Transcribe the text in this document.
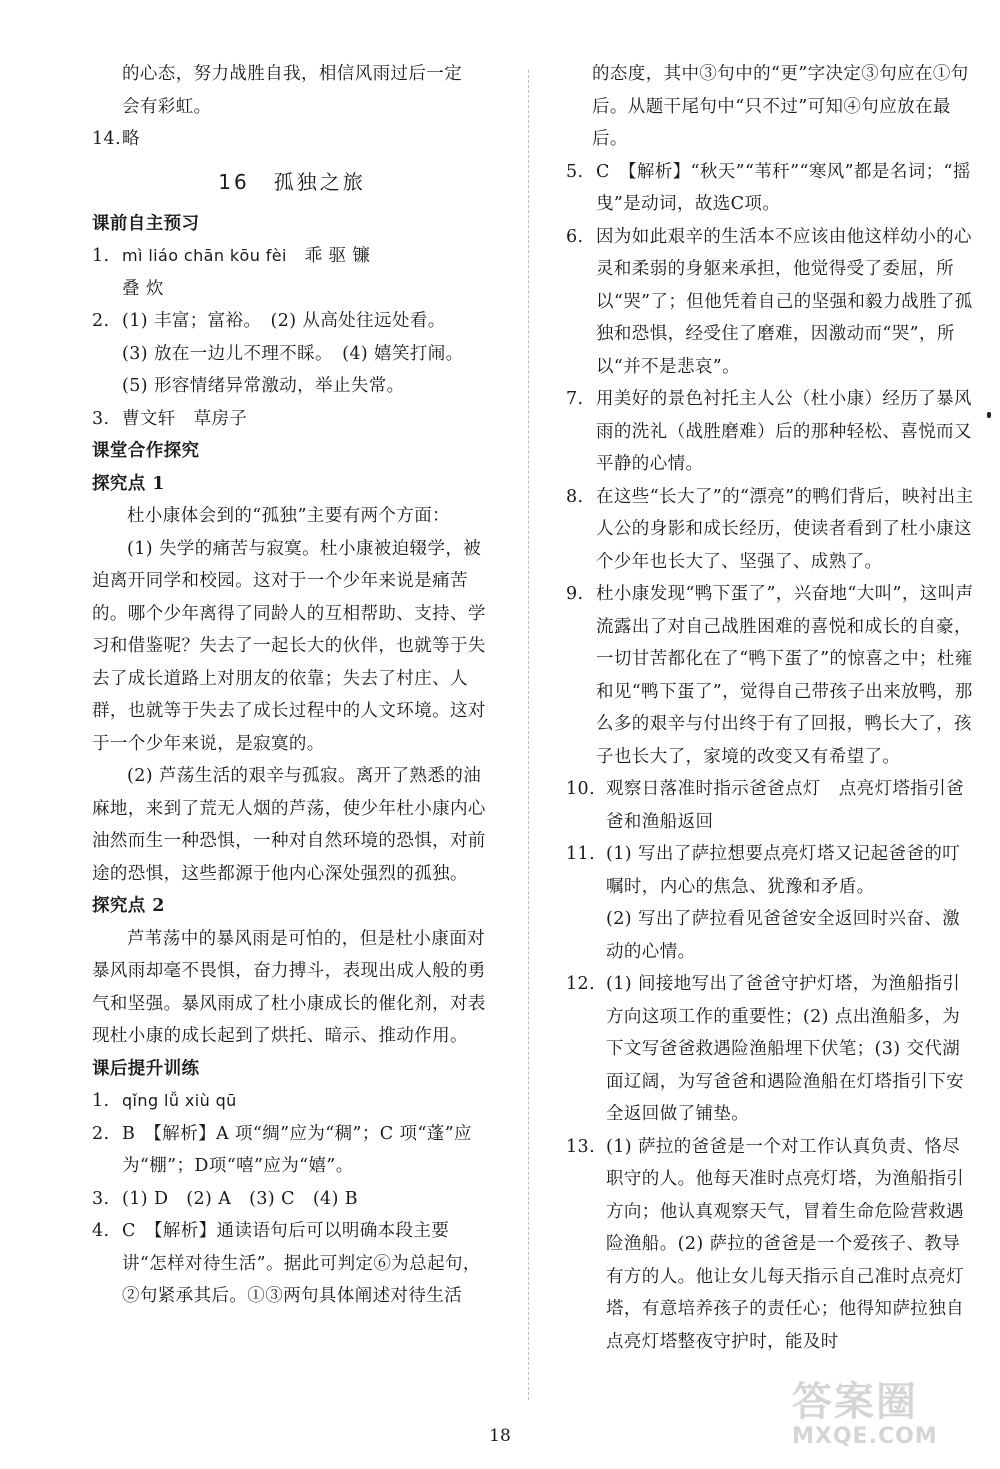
的心态，努力战胜自我，相信风雨过后一定

会有彩虹。

14. 略

16 孤独之旅

课前自主预习

1. mì liáo chān kōu fèi　 乖 驱 镰

叠 炊

2. (1) 丰富；富裕。　(2) 从高处往远处看。

(3) 放在一边儿不理不睬。　(4) 嬉笑打闹。

(5) 形容情绪异常激动，举止失常。

3. 曹文轩　草房子

课堂合作探究

探究点 1

杜小康体会到的“孤独”主要有两个方面：

(1) 失学的痛苦与寂寞。杜小康被迫辍学，被迫离开同学和校园。这对于一个少年来说是痛苦的。哪个少年离得了同龄人的互相帮助、支持、学习和借鉴呢？失去了一起长大的伙伴，也就等于失去了成长道路上对朋友的依靠；失去了村庄、人群，也就等于失去了成长过程中的人文环境。这对于一个少年来说，是寂寞的。

(2) 芦荡生活的艰辛与孤寂。离开了熟悉的油麻地，来到了荒无人烟的芦荡，使少年杜小康内心油然而生一种恐惧，一种对自然环境的恐惧，对前途的恐惧，这些都源于他内心深处强烈的孤独。

探究点 2

芦苇荡中的暴风雨是可怕的，但是杜小康面对暴风雨却毫不畏惧，奋力搏斗，表现出成人般的勇气和坚强。暴风雨成了杜小康成长的催化剂，对表现杜小康的成长起到了烘托、暗示、推动作用。

课后提升训练

1. qǐng lǚ xiù qū
2. B　【解析】A 项“绸”应为“稠”；C 项“蓬”应为“棚”；D项“嘻”应为“嬉”。
3. (1) D　(2) A　(3) C　(4) B
4. C　【解析】通读语句后可以明确本段主要讲“怎样对待生活”。据此可判定⑥为总起句，②句紧承其后。①③两句具体阐述对待生活

的态度，其中③句中的“更”字决定③句应在①句后。从题干尾句中“只不过”可知④句应放在最后。

5. C　【解析】“秋天”“苇秆”“寒风”都是名词；“摇曳”是动词，故选C项。
6. 因为如此艰辛的生活本不应该由他这样幼小的心灵和柔弱的身躯来承担，他觉得受了委屈，所以“哭”了；但他凭着自己的坚强和毅力战胜了孤独和恐惧，经受住了磨难，因激动而“哭”，所以“并不是悲哀”。
7. 用美好的景色衬托主人公（杜小康）经历了暴风雨的洗礼（战胜磨难）后的那种轻松、喜悦而又平静的心情。
8. 在这些“长大了”的“漂亮”的鸭们背后，映衬出主人公的身影和成长经历，使读者看到了杜小康这个少年也长大了、坚强了、成熟了。
9. 杜小康发现“鸭下蛋了”，兴奋地“大叫”，这叫声流露出了对自己战胜困难的喜悦和成长的自豪，一切甘苦都化在了“鸭下蛋了”的惊喜之中；杜雍和见“鸭下蛋了”，觉得自己带孩子出来放鸭，那么多的艰辛与付出终于有了回报，鸭长大了，孩子也长大了，家境的改变又有希望了。
10. 观察日落准时指示爸爸点灯　点亮灯塔指引爸爸和渔船返回
11. (1) 写出了萨拉想要点亮灯塔又记起爸爸的叮嘱时，内心的焦急、犹豫和矛盾。
(2) 写出了萨拉看见爸爸安全返回时兴奋、激动的心情。
12. (1) 间接地写出了爸爸守护灯塔，为渔船指引方向这项工作的重要性；(2) 点出渔船多，为下文写爸爸救遇险渔船埋下伏笔；(3) 交代湖面辽阔，为写爸爸和遇险渔船在灯塔指引下安全返回做了铺垫。
13. (1) 萨拉的爸爸是一个对工作认真负责、恪尽职守的人。他每天准时点亮灯塔，为渔船指引方向；他认真观察天气，冒着生命危险营救遇险渔船。(2) 萨拉的爸爸是一个爱孩子、教导有方的人。他让女儿每天指示自己准时点亮灯塔，有意培养孩子的责任心；他得知萨拉独自点亮灯塔整夜守护时，能及时
18
答案圈
MXQE.COM
